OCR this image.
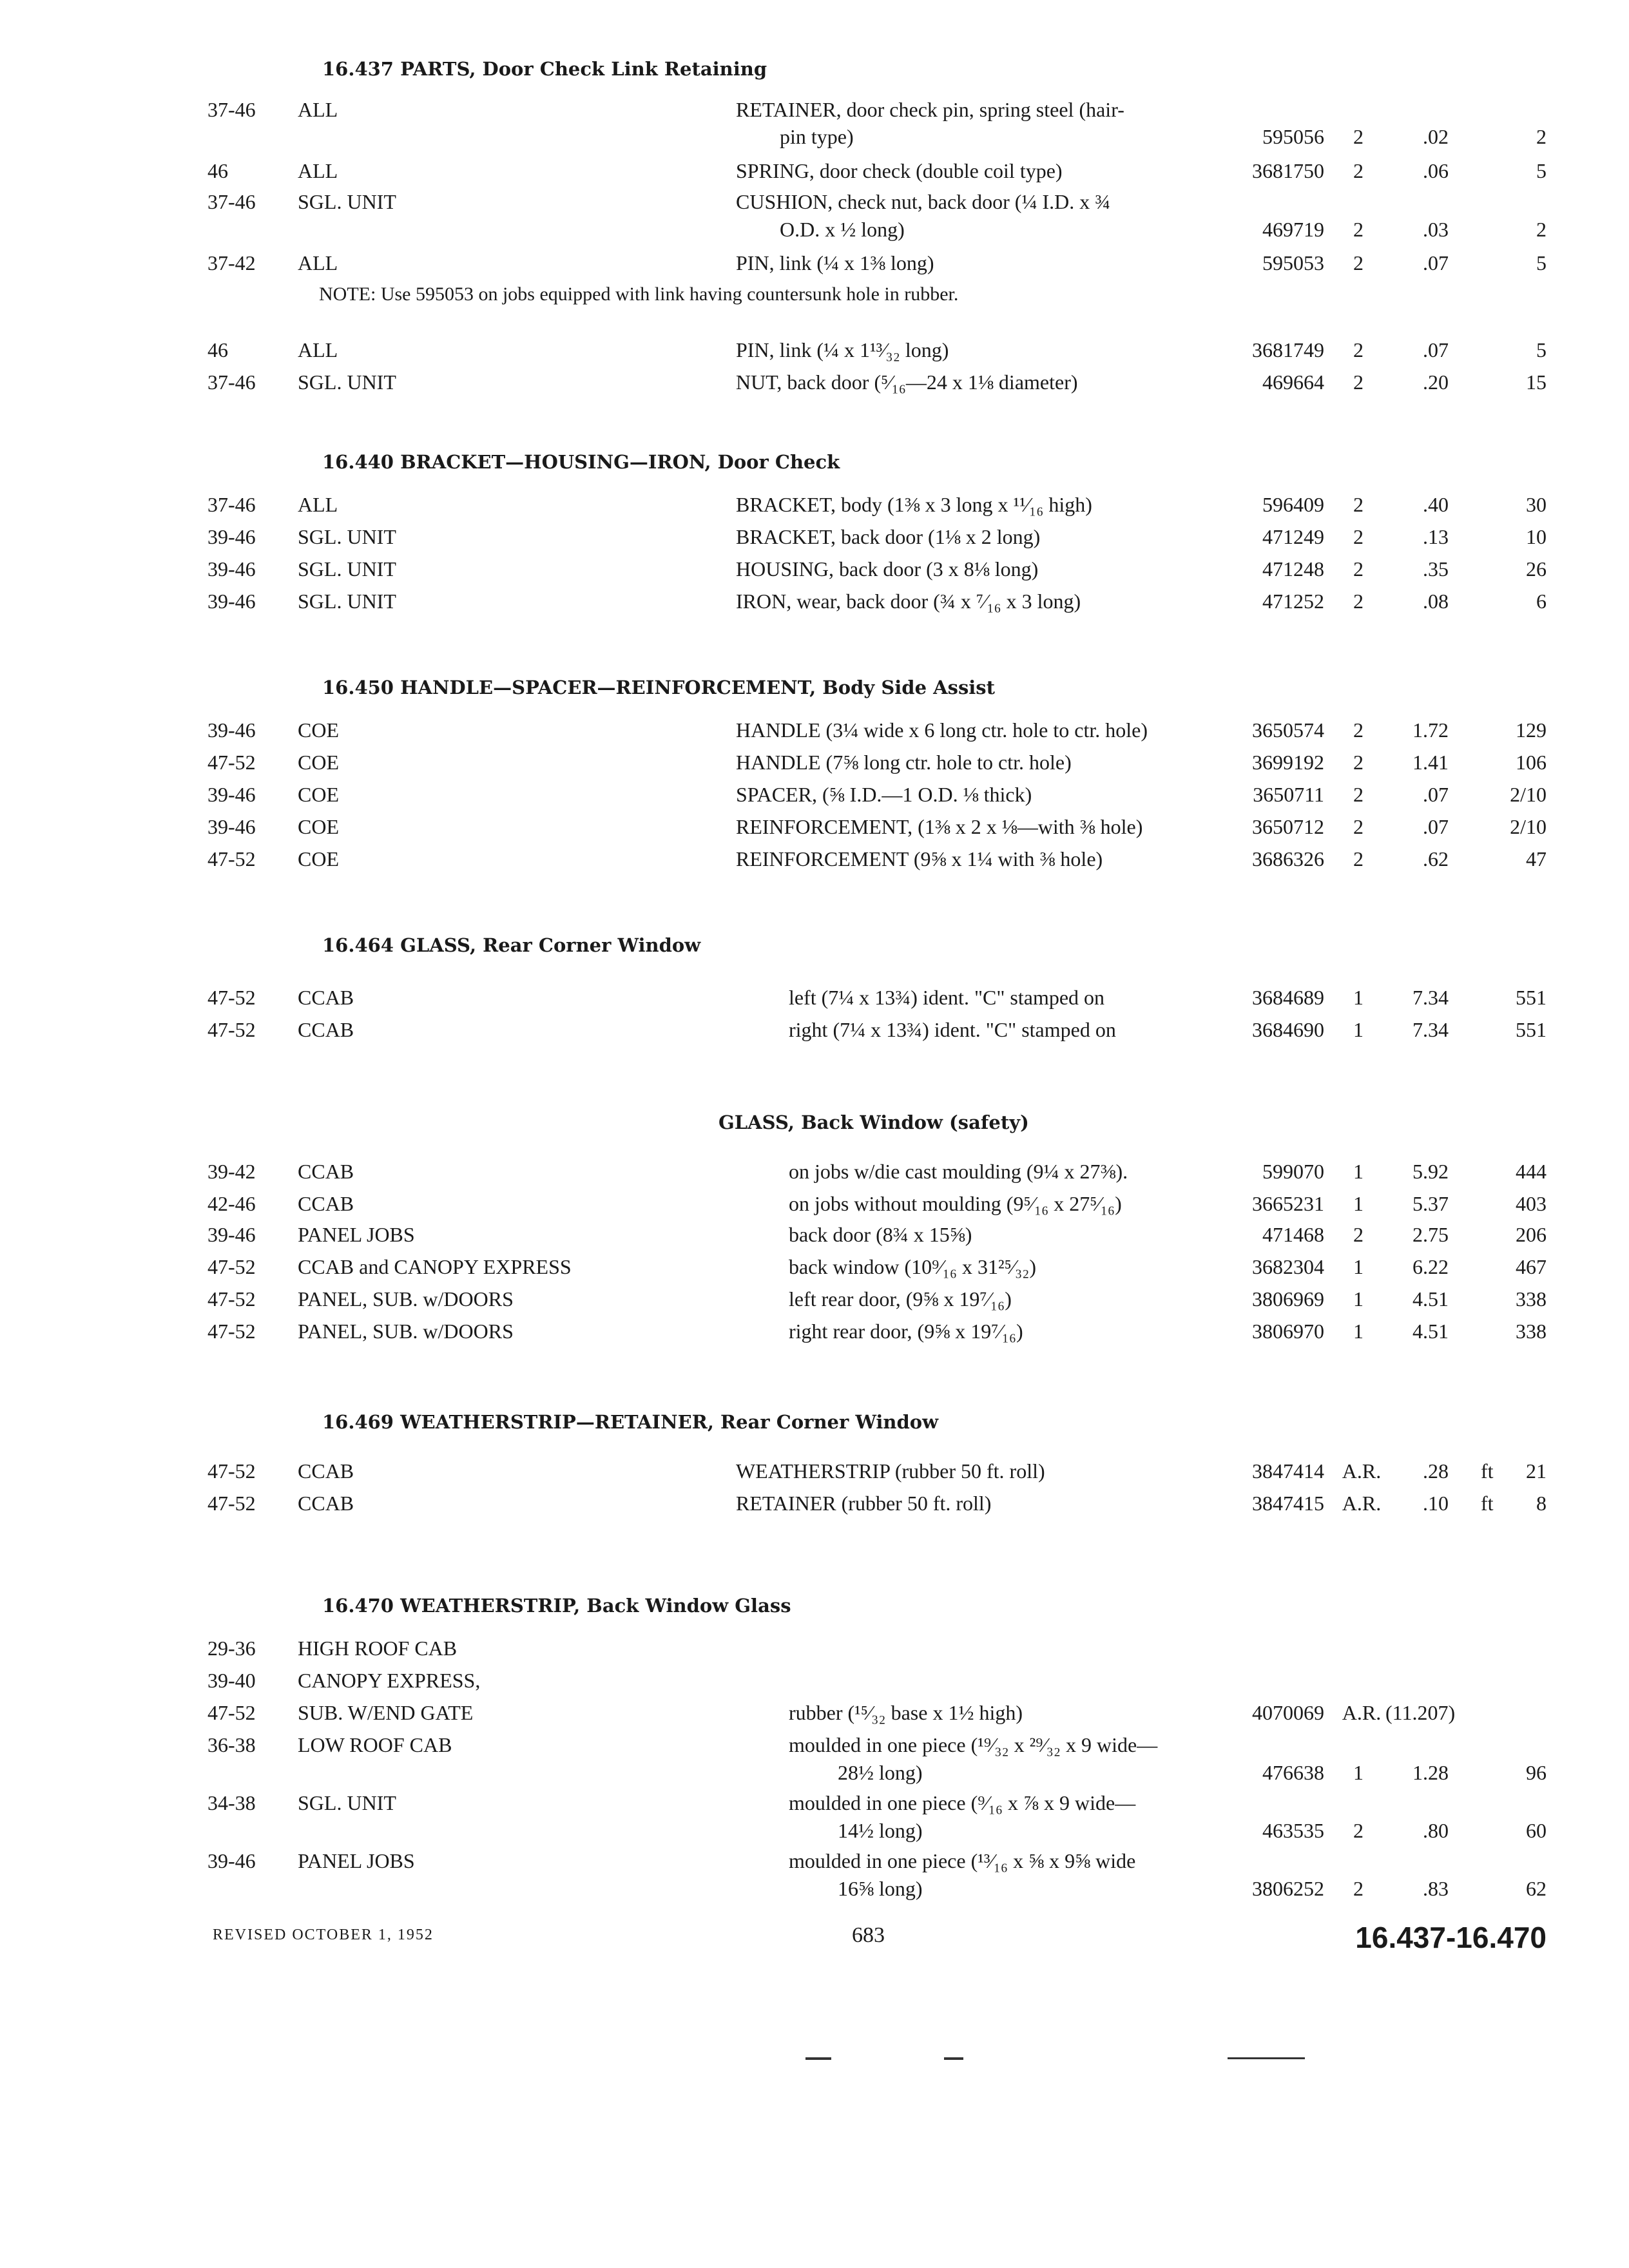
16.437 PARTS, Door Check Link Retaining
37-46 ALL	RETAINER, door check pin, spring steel (hair-
pin type)	595056	2	.02	2
46	ALL	SPRING, door check (double coil type)	3681750	2	.06	5
37-46 SGL. UNIT	CUSHION, check nut, back door (¼ I.D. x ¾
O.D. x ½ long)	469719	2	.03	2
37-42 ALL	PIN, link (¼ x 1⅜ long)	595053	2	.07	5
46	ALL	PIN, link (¼ x 1¹³⁄₃₂ long)	3681749	2	.07	5
37-46 SGL. UNIT	NUT, back door (⁵⁄₁₆—24 x 1⅛ diameter)	469664	2	.20	15
NOTE: Use 595053 on jobs equipped with link having countersunk hole in rubber.
16.440 BRACKET—HOUSING—IRON, Door Check
37-46 ALL	BRACKET, body (1⅜ x 3 long x ¹¹⁄₁₆ high)	596409	2	.40	30
39-46 SGL. UNIT	BRACKET, back door (1⅛ x 2 long)	471249	2	.13	10
39-46 SGL. UNIT	HOUSING, back door (3 x 8⅛ long)	471248	2	.35	26
39-46 SGL. UNIT	IRON, wear, back door (¾ x ⁷⁄₁₆ x 3 long)	471252	2	.08	6
16.450 HANDLE—SPACER—REINFORCEMENT, Body Side Assist
39-46 COE	HANDLE (3¼ wide x 6 long ctr. hole to ctr. hole)	3650574	2	1.72	129
47-52 COE	HANDLE (7⅝ long ctr. hole to ctr. hole)	3699192	2	1.41	106
39-46 COE	SPACER, (⅝ I.D.—1 O.D. ⅛ thick)	3650711	2	.07	2/10
39-46 COE	REINFORCEMENT, (1⅜ x 2 x ⅛—with ⅜ hole)	3650712	2	.07	2/10
47-52 COE	REINFORCEMENT (9⅝ x 1¼ with ⅜ hole)	3686326	2	.62	47
16.464 GLASS, Rear Corner Window
47-52 CCAB	left (7¼ x 13¾) ident. "C" stamped on	3684689	1	7.34	551
47-52 CCAB	right (7¼ x 13¾) ident. "C" stamped on	3684690	1	7.34	551
GLASS, Back Window (safety)
39-42 CCAB	on jobs w/die cast moulding (9¼ x 27⅜).	599070	1	5.92	444
42-46 CCAB	on jobs without moulding (9⁵⁄₁₆ x 27⁵⁄₁₆)	3665231	1	5.37	403
39-46 PANEL JOBS	back door (8¾ x 15⅝)	471468	2	2.75	206
47-52 CCAB and CANOPY EXPRESS	back window (10⁹⁄₁₆ x 31²⁵⁄₃₂)	3682304	1	6.22	467
47-52 PANEL, SUB. w/DOORS	left rear door, (9⅝ x 19⁷⁄₁₆)	3806969	1	4.51	338
47-52 PANEL, SUB. w/DOORS	right rear door, (9⅝ x 19⁷⁄₁₆)	3806970	1	4.51	338
16.469 WEATHERSTRIP—RETAINER, Rear Corner Window
47-52 CCAB	WEATHERSTRIP (rubber 50 ft. roll)	3847414 A.R. .28 ft 21
47-52 CCAB	RETAINER (rubber 50 ft. roll)	3847415 A.R. .10 ft 8
16.470 WEATHERSTRIP, Back Window Glass
29-36 HIGH ROOF CAB
39-40 CANOPY EXPRESS,
47-52 SUB. W/END GATE	rubber (¹⁵⁄₃₂ base x 1½ high)	4070069 A.R. (11.207)
36-38 LOW ROOF CAB	moulded in one piece (¹⁹⁄₃₂ x ²⁹⁄₃₂ x 9 wide—
28½ long)	476638	1	1.28	96
34-38 SGL. UNIT	moulded in one piece (⁹⁄₁₆ x ⅞ x 9 wide—
14½ long)	463535	2	.80	60
39-46 PANEL JOBS	moulded in one piece (¹³⁄₁₆ x ⅝ x 9⅝ wide
16⅝ long)	3806252	2	.83	62
REVISED OCTOBER 1, 1952	683	16.437-16.470
